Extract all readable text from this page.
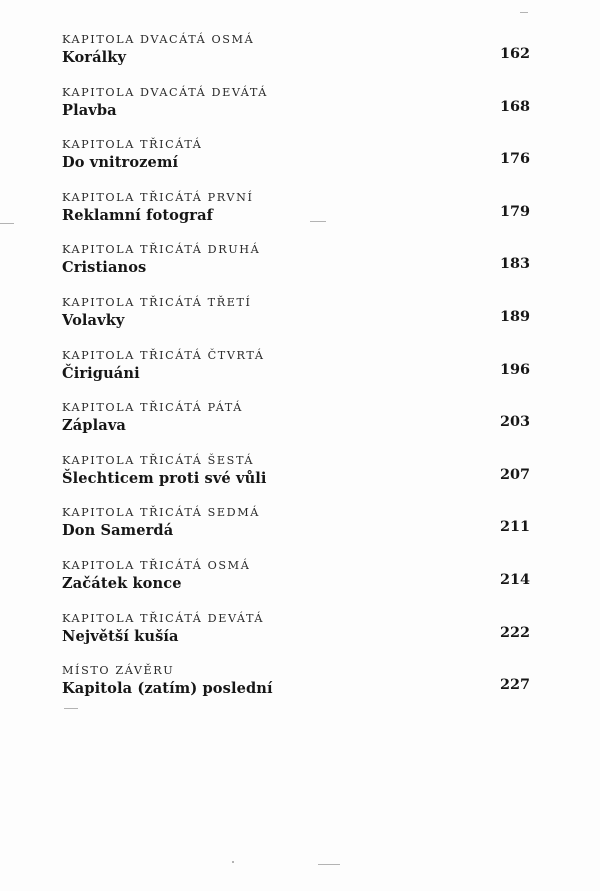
KAPITOLA DVACÁTÁ OSMÁ
Korálky	162
KAPITOLA DVACÁTÁ DEVÁTÁ
Plavba	168
KAPITOLA TŘICÁTÁ
Do vnitrozemí	176
KAPITOLA TŘICÁTÁ PRVNÍ
Reklamní fotograf	179
KAPITOLA TŘICÁTÁ DRUHÁ
Cristianos	183
KAPITOLA TŘICÁTÁ TŘETÍ
Volavky	189
KAPITOLA TŘICÁTÁ ČTVRTÁ
Čiriguáni	196
KAPITOLA TŘICÁTÁ PÁTÁ
Záplava	203
KAPITOLA TŘICÁTÁ ŠESTÁ
Šlechticem proti své vůli	207
KAPITOLA TŘICÁTÁ SEDMÁ
Don Samerdá	211
KAPITOLA TŘICÁTÁ OSMÁ
Začátek konce	214
KAPITOLA TŘICÁTÁ DEVÁTÁ
Největší kušía	222
MÍSTO ZÁVĚRU
Kapitola (zatím) poslední	227
